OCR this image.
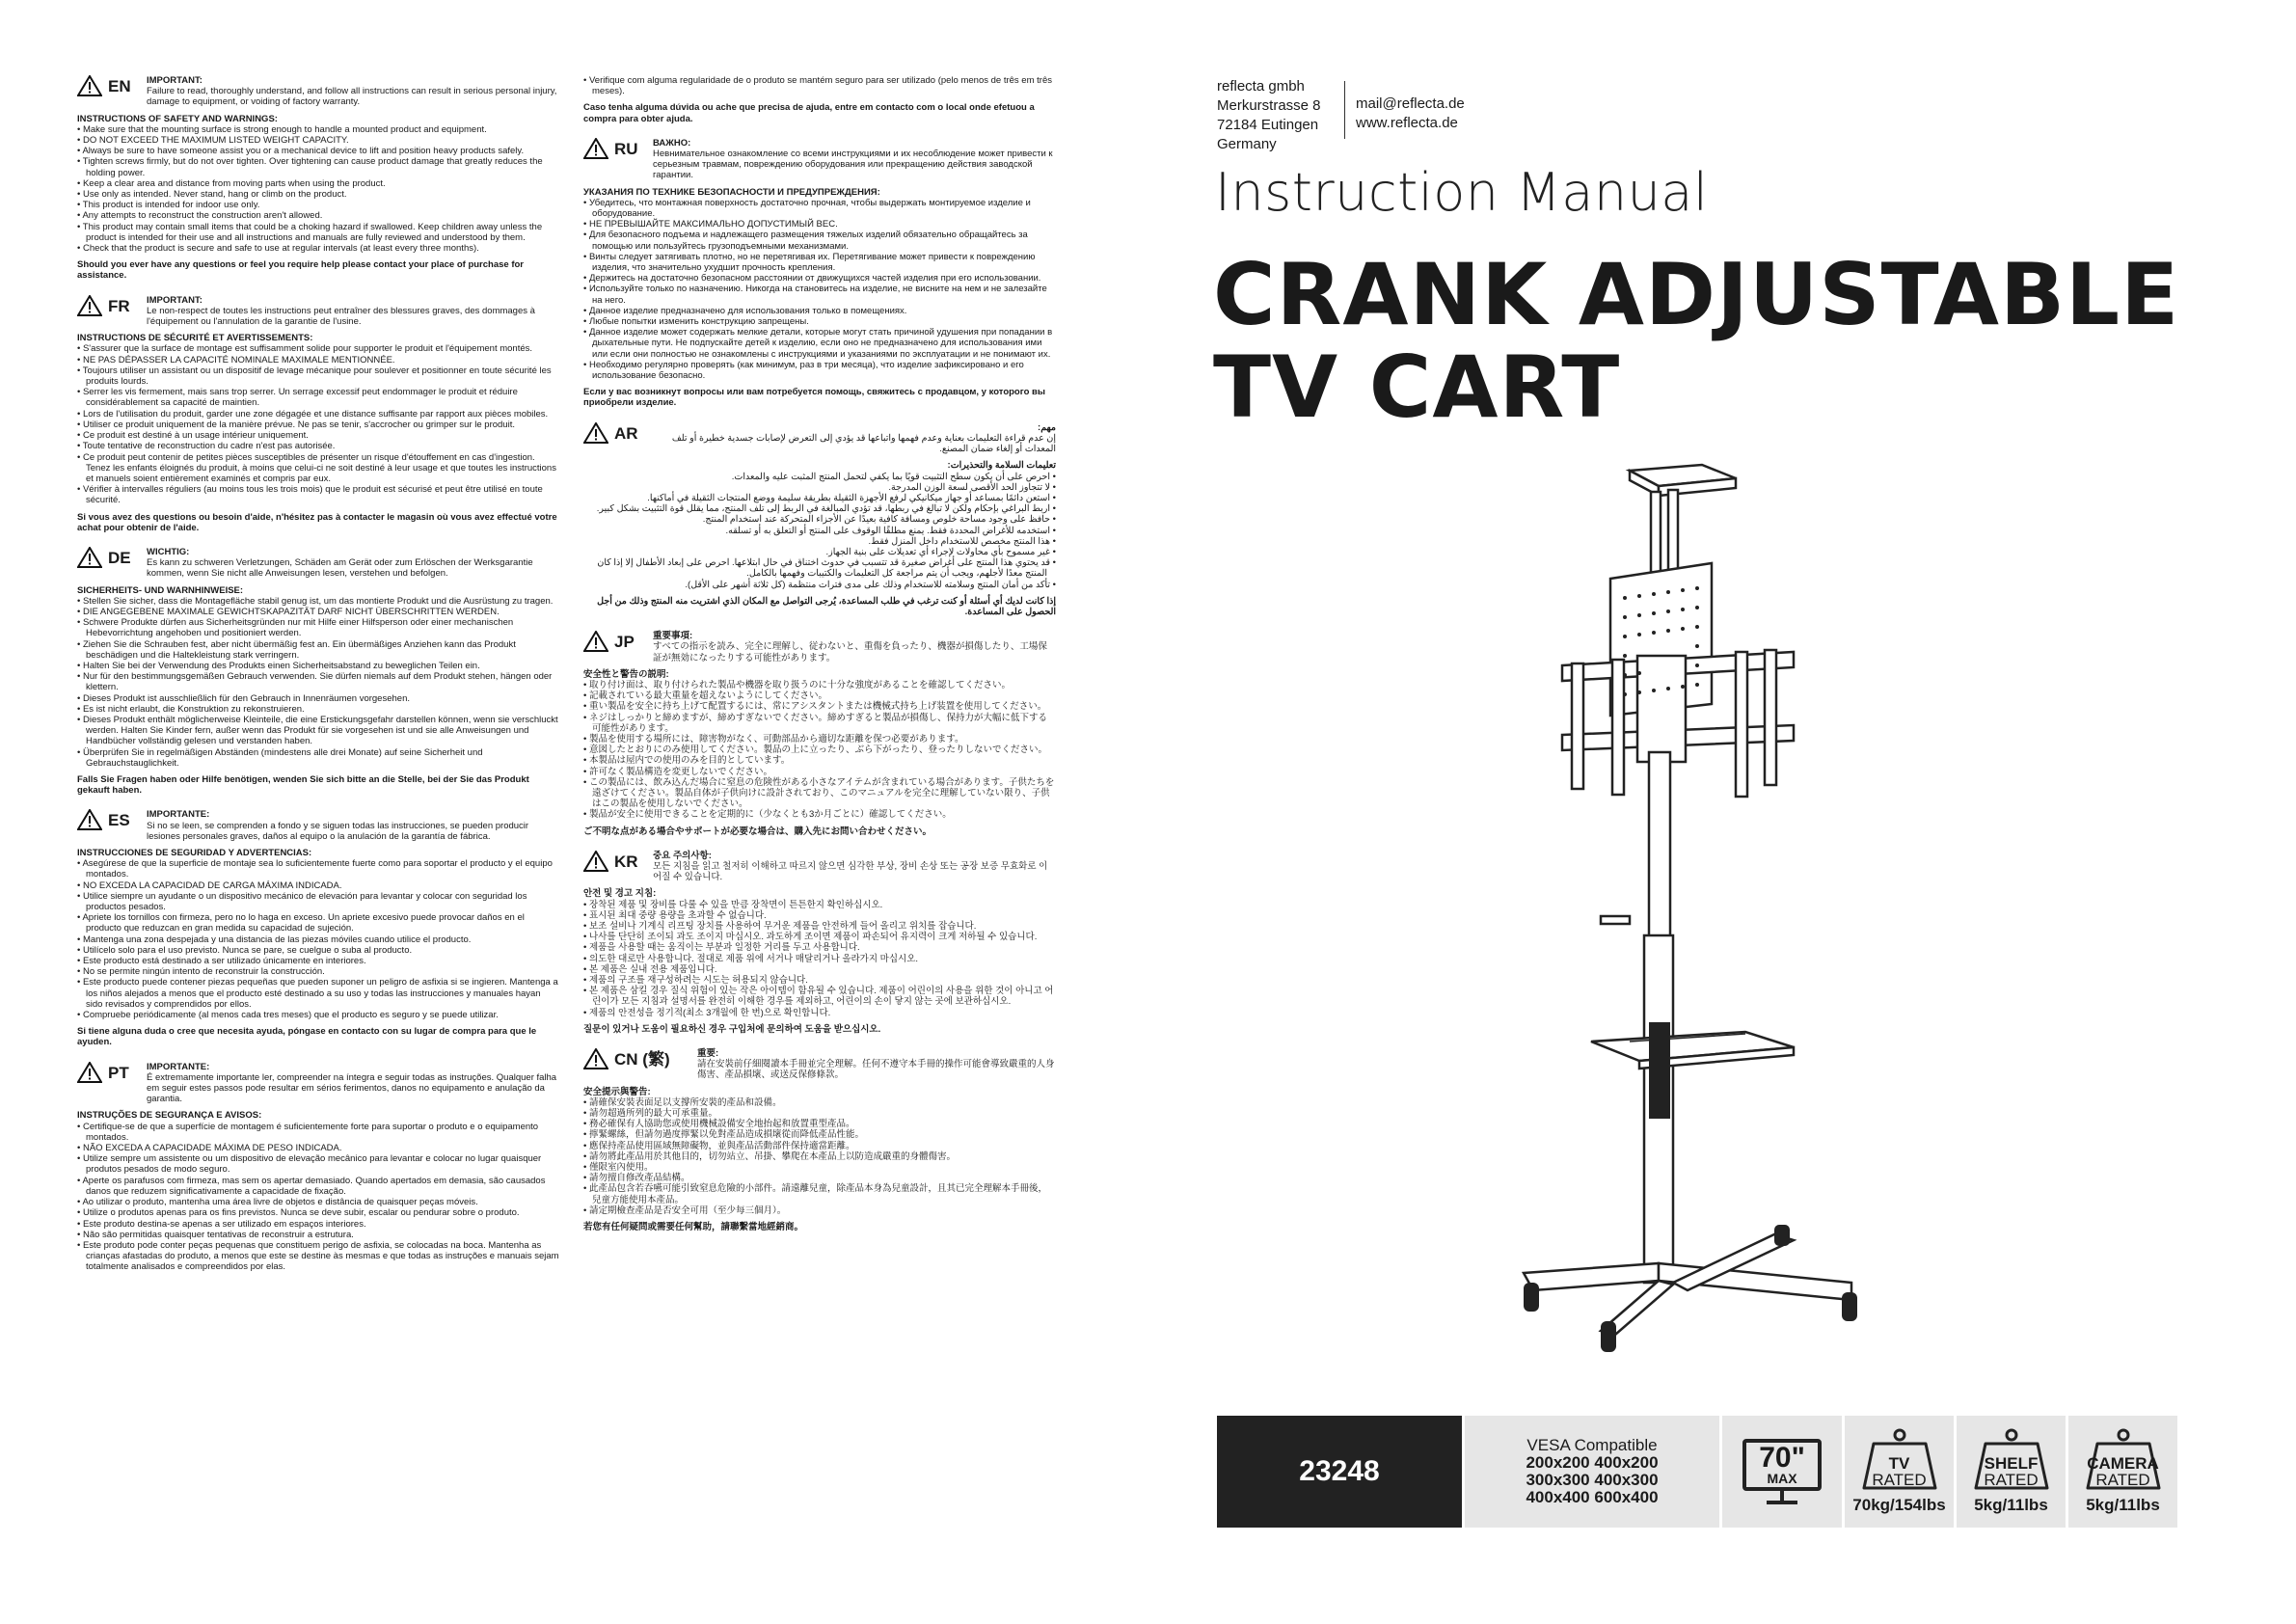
EN	IMPORTANT:
Failure to read, thoroughly understand, and follow all instructions can result in serious personal injury, damage to equipment, or voiding of factory warranty.
INSTRUCTIONS OF SAFETY AND WARNINGS:
• Make sure that the mounting surface is strong enough to handle a mounted product and equipment.
• DO NOT EXCEED THE MAXIMUM LISTED WEIGHT CAPACITY.
• Always be sure to have someone assist you or a mechanical device to lift and position heavy products safely.
• Tighten screws firmly, but do not over tighten. Over tightening can cause product damage that greatly reduces the holding power.
• Keep a clear area and distance from moving parts when using the product.
• Use only as intended. Never stand, hang or climb on the product.
• This product is intended for indoor use only.
• Any attempts to reconstruct the construction aren't allowed.
• This product may contain small items that could be a choking hazard if swallowed. Keep children away unless the product is intended for their use and all instructions and manuals are fully reviewed and understood by them.
• Check that the product is secure and safe to use at regular intervals (at least every three months).
Should you ever have any questions or feel you require help please contact your place of purchase for assistance.
FR	IMPORTANT:
Le non-respect de toutes les instructions peut entraîner des blessures graves, des dommages à l'équipement ou l'annulation de la garantie de l'usine.
INSTRUCTIONS DE SÉCURITÉ ET AVERTISSEMENTS:
• S'assurer que la surface de montage est suffisamment solide pour supporter le produit et l'équipement montés.
• NE PAS DÉPASSER LA CAPACITÉ NOMINALE MAXIMALE MENTIONNÉE.
• Toujours utiliser un assistant ou un dispositif de levage mécanique pour soulever et positionner en toute sécurité les produits lourds.
• Serrer les vis fermement, mais sans trop serrer. Un serrage excessif peut endommager le produit et réduire considérablement sa capacité de maintien.
• Lors de l'utilisation du produit, garder une zone dégagée et une distance suffisante par rapport aux pièces mobiles.
• Utiliser ce produit uniquement de la manière prévue. Ne pas se tenir, s'accrocher ou grimper sur le produit.
• Ce produit est destiné à un usage intérieur uniquement.
• Toute tentative de reconstruction du cadre n'est pas autorisée.
• Ce produit peut contenir de petites pièces susceptibles de présenter un risque d'étouffement en cas d'ingestion. Tenez les enfants éloignés du produit, à moins que celui-ci ne soit destiné à leur usage et que toutes les instructions et manuels soient entièrement examinés et compris par eux.
• Vérifier à intervalles réguliers (au moins tous les trois mois) que le produit est sécurisé et peut être utilisé en toute sécurité.
Si vous avez des questions ou besoin d'aide, n'hésitez pas à contacter le magasin où vous avez effectué votre achat pour obtenir de l'aide.
DE	WICHTIG:
Es kann zu schweren Verletzungen, Schäden am Gerät oder zum Erlöschen der Werksgarantie kommen, wenn Sie nicht alle Anweisungen lesen, verstehen und befolgen.
SICHERHEITS- UND WARNHINWEISE:
• Stellen Sie sicher, dass die Montagefläche stabil genug ist, um das montierte Produkt und die Ausrüstung zu tragen.
• DIE ANGEGEBENE MAXIMALE GEWICHTSKAPAZITÄT DARF NICHT ÜBERSCHRITTEN WERDEN.
• Schwere Produkte dürfen aus Sicherheitsgründen nur mit Hilfe einer Hilfsperson oder einer mechanischen Hebevorrichtung angehoben und positioniert werden.
• Ziehen Sie die Schrauben fest, aber nicht übermäßig fest an. Ein übermäßiges Anziehen kann das Produkt beschädigen und die Haltekleistung stark verringern.
• Halten Sie bei der Verwendung des Produkts einen Sicherheitsabstand zu beweglichen Teilen ein.
• Nur für den bestimmungsgemäßen Gebrauch verwenden. Sie dürfen niemals auf dem Produkt stehen, hängen oder klettern.
• Dieses Produkt ist ausschließlich für den Gebrauch in Innenräumen vorgesehen.
• Es ist nicht erlaubt, die Konstruktion zu rekonstruieren.
• Dieses Produkt enthält möglicherweise Kleinteile, die eine Erstickungsgefahr darstellen können, wenn sie verschluckt werden. Halten Sie Kinder fern, außer wenn das Produkt für sie vorgesehen ist und sie alle Anweisungen und Handbücher vollständig gelesen und verstanden haben.
• Überprüfen Sie in regelmäßigen Abständen (mindestens alle drei Monate) auf seine Sicherheit und Gebrauchstauglichkeit.
Falls Sie Fragen haben oder Hilfe benötigen, wenden Sie sich bitte an die Stelle, bei der Sie das Produkt gekauft haben.
ES	IMPORTANTE:
Si no se leen, se comprenden a fondo y se siguen todas las instrucciones, se pueden producir lesiones personales graves, daños al equipo o la anulación de la garantía de fábrica.
INSTRUCCIONES DE SEGURIDAD Y ADVERTENCIAS:
• Asegúrese de que la superficie de montaje sea lo suficientemente fuerte como para soportar el producto y el equipo montados.
• NO EXCEDA LA CAPACIDAD DE CARGA MÁXIMA INDICADA.
• Utilice siempre un ayudante o un dispositivo mecánico de elevación para levantar y colocar con seguridad los productos pesados.
• Apriete los tornillos con firmeza, pero no lo haga en exceso. Un apriete excesivo puede provocar daños en el producto que reduzcan en gran medida su capacidad de sujeción.
• Mantenga una zona despejada y una distancia de las piezas móviles cuando utilice el producto.
• Utilícelo solo para el uso previsto. Nunca se pare, se cuelgue o suba al producto.
• Este producto está destinado a ser utilizado únicamente en interiores.
• No se permite ningún intento de reconstruir la construcción.
• Este producto puede contener piezas pequeñas que pueden suponer un peligro de asfixia si se ingieren. Mantenga a los niños alejados a menos que el producto esté destinado a su uso y todas las instrucciones y manuales hayan sido revisados y comprendidos por ellos.
• Compruebe periódicamente (al menos cada tres meses) que el producto es seguro y se puede utilizar.
Si tiene alguna duda o cree que necesita ayuda, póngase en contacto con su lugar de compra para que le ayuden.
PT	IMPORTANTE:
É extremamente importante ler, compreender na íntegra e seguir todas as instruções. Qualquer falha em seguir estes passos pode resultar em sérios ferimentos, danos no equipamento e anulação da garantia.
INSTRUÇÕES DE SEGURANÇA E AVISOS:
• Certifique-se de que a superfície de montagem é suficientemente forte para suportar o produto e o equipamento montados.
• NÃO EXCEDA A CAPACIDADE MÁXIMA DE PESO INDICADA.
• Utilize sempre um assistente ou um dispositivo de elevação mecânico para levantar e colocar no lugar quaisquer produtos pesados de modo seguro.
• Aperte os parafusos com firmeza, mas sem os apertar demasiado. Quando apertados em demasia, são causados danos que reduzem significativamente a capacidade de fixação.
• Ao utilizar o produto, mantenha uma área livre de objetos e distância de quaisquer peças móveis.
• Utilize o produtos apenas para os fins previstos. Nunca se deve subir, escalar ou pendurar sobre o produto.
• Este produto destina-se apenas a ser utilizado em espaços interiores.
• Não são permitidas quaisquer tentativas de reconstruir a estrutura.
• Este produto pode conter peças pequenas que constituem perigo de asfixia, se colocadas na boca. Mantenha as crianças afastadas do produto, a menos que este se destine às mesmas e que todas as instruções e manuais sejam totalmente analisados e compreendidos por elas.
• Verifique com alguma regularidade de o produto se mantém seguro para ser utilizado (pelo menos de três em três meses).
Caso tenha alguma dúvida ou ache que precisa de ajuda, entre em contacto com o local onde efetuou a compra para obter ajuda.
RU	ВАЖНО:
Невнимательное ознакомление со всеми инструкциями и их несоблюдение может привести к серьезным травмам, повреждению оборудования или прекращению действия заводской гарантии.
УКАЗАНИЯ ПО ТЕХНИКЕ БЕЗОПАСНОСТИ И ПРЕДУПРЕЖДЕНИЯ:
• Убедитесь, что монтажная поверхность достаточно прочная, чтобы выдержать монтируемое изделие и оборудование.
• НЕ ПРЕВЫШАЙТЕ МАКСИМАЛЬНО ДОПУСТИМЫЙ ВЕС.
• Для безопасного подъема и надлежащего размещения тяжелых изделий обязательно обращайтесь за помощью или пользуйтесь грузоподъемными механизмами.
• Винты следует затягивать плотно, но не перетягивая их. Перетягивание может привести к повреждению изделия, что значительно ухудшит прочность крепления.
• Держитесь на достаточно безопасном расстоянии от движущихся частей изделия при его использовании.
• Используйте только по назначению. Никогда на становитесь на изделие, не висните на нем и не залезайте на него.
• Данное изделие предназначено для использования только в помещениях.
• Любые попытки изменить конструкцию запрещены.
• Данное изделие может содержать мелкие детали, которые могут стать причиной удушения при попадании в дыхательные пути. Не подпускайте детей к изделию, если оно не предназначено для использования ими или если они полностью не ознакомлены с инструкциями и указаниями по эксплуатации и не понимают их.
• Необходимо регулярно проверять (как минимум, раз в три месяца), что изделие зафиксировано и его использование безопасно.
Если у вас возникнут вопросы или вам потребуется помощь, свяжитесь с продавцом, у которого вы приобрели изделие.
AR	مهم:
إن عدم قراءة التعليمات بعناية وعدم فهمها واتباعها قد يؤدي إلى التعرض لإصابات جسدية خطيرة أو تلف المعدات أو إلغاء ضمان المصنع.
تعليمات السلامة والتحذيرات:
• احرص على أن يكون سطح التثبيت قويًا بما يكفي لتحمل المنتج المثبت عليه والمعدات.
• لا تتجاوز الحد الأقصى لسعة الوزن المدرجة.
• استعن دائمًا بمساعد أو جهاز ميكانيكي لرفع الأجهزة الثقيلة بطريقة سليمة ووضع المنتجات الثقيلة في أماكنها.
• اربط البراغي بإحكام ولكن لا تبالغ في ربطها، قد تؤدي المبالغة في الربط إلى تلف المنتج، مما يقلل قوة التثبيت بشكل كبير.
• حافظ على وجود مساحة خلوص ومسافة كافية بعيدًا عن الأجزاء المتحركة عند استخدام المنتج.
• استخدمه للأغراض المحددة فقط. يمنع مطلقًا الوقوف على المنتج أو التعلق به أو تسلقه.
• هذا المنتج مخصص للاستخدام داخل المنزل فقط.
• غير مسموح بأي محاولات لإجراء أي تعديلات على بنية الجهاز.
• قد يحتوي هذا المنتج على أغراض صغيرة قد تتسبب في حدوث اختناق في حال ابتلاعها. احرص على إبعاد الأطفال إلا إذا كان المنتج معدًا لأجلهم، ويجب أن يتم مراجعة كل التعليمات والكتيبات وفهمها بالكامل.
• تأكد من أمان المنتج وسلامته للاستخدام وذلك على مدى فترات منتظمة (كل ثلاثة أشهر على الأقل).
إذا كانت لديك أي أسئلة أو كنت ترغب في طلب المساعدة، يُرجى التواصل مع المكان الذي اشتريت منه المنتج وذلك من أجل الحصول على المساعدة.
JP	重要事項:
すべての指示を読み、完全に理解し、従わないと、重傷を負ったり、機器が損傷したり、工場保証が無効になったりする可能性があります。
安全性と警告の説明:
• 取り付け面は、取り付けられた製品や機器を取り扱うのに十分な強度があることを確認してください。
• 記載されている最大重量を超えないようにしてください。
• 重い製品を安全に持ち上げて配置するには、常にアシスタントまたは機械式持ち上げ装置を使用してください。
• ネジはしっかりと締めますが、締めすぎないでください。締めすぎると製品が損傷し、保持力が大幅に低下する可能性があります。
• 製品を使用する場所には、障害物がなく、可動部品から適切な距離を保つ必要があります。
• 意図したとおりにのみ使用してください。製品の上に立ったり、ぶら下がったり、登ったりしないでください。
• 本製品は屋内での使用のみを目的としています。
• 許可なく製品構造を変更しないでください。
• この製品には、飲み込んだ場合に窒息の危険性がある小さなアイテムが含まれている場合があります。子供たちを遠ざけてください。製品自体が子供向けに設計されており、このマニュアルを完全に理解していない限り、子供はこの製品を使用しないでください。
• 製品が安全に使用できることを定期的に（少なくとも3か月ごとに）確認してください。
ご不明な点がある場合やサポートが必要な場合は、購入先にお問い合わせください。
KR	중요 주의사항:
모든 지침을 읽고 철저히 이해하고 따르지 않으면 심각한 부상, 장비 손상 또는 공장 보증 무효화로 이어질 수 있습니다.
안전 및 경고 지침:
• 장착된 제품 및 장비를 다룰 수 있을 만큼 장착면이 튼튼한지 확인하십시오.
• 표시된 최대 중량 용량을 초과할 수 없습니다.
• 보조 설비나 기계식 리프팅 장치를 사용하여 무거운 제품을 안전하게 들어 올리고 위치를 잡습니다.
• 나사를 단단히 조이되 과도 조이지 마십시오. 과도하게 조이면 제품이 파손되어 유지력이 크게 저하될 수 있습니다.
• 제품을 사용할 때는 움직이는 부분과 일정한 거리를 두고 사용합니다.
• 의도한 대로만 사용합니다. 절대로 제품 위에 서거나 매달리거나 올라가지 마십시오.
• 본 제품은 실내 전용 제품입니다.
• 제품의 구조를 재구성하려는 시도는 허용되지 않습니다.
• 본 제품은 삼킬 경우 질식 위험이 있는 작은 아이템이 함유될 수 있습니다. 제품이 어린이의 사용을 위한 것이 아니고 어린이가 모든 지침과 설명서를 완전히 이해한 경우를 제외하고, 어린이의 손이 닿지 않는 곳에 보관하십시오.
• 제품의 안전성을 정기적(최소 3개월에 한 번)으로 확인합니다.
질문이 있거나 도움이 필요하신 경우 구입처에 문의하여 도움을 받으십시오.
CN (繁)	重要:
請在安裝前仔細閱讀本手冊並完全理解。任何不遵守本手冊的操作可能會導致嚴重的人身傷害、產品損壞、或送反保修條款。
安全提示與警告:
• 請確保安裝表面足以支撐所安裝的產品和設備。
• 請勿超過所列的最大可承重量。
• 務必確保有人協助您或使用機械設備安全地抬起和放置重型產品。
• 擰緊螺絲，但請勿過度擰緊以免對產品造成損壞從而降低產品性能。
• 應保持產品使用區域無障礙物，並與產品活動部件保持適當距離。
• 請勿將此產品用於其他目的，切勿站立、吊掛、攀爬在本產品上以防造成嚴重的身體傷害。
• 僅限室內使用。
• 請勿擅自修改產品結構。
• 此產品包含若吞嚥可能引致窒息危險的小部件。請遠離兒童，除產品本身為兒童設計，且其已完全理解本手冊後，兒童方能使用本產品。
• 請定期檢查產品是否安全可用（至少每三個月）。
若您有任何疑問或需要任何幫助，請聯繫當地經銷商。
reflecta gmbh
Merkurstrasse 8
72184 Eutingen
Germany
mail@reflecta.de
www.reflecta.de
Instruction Manual
CRANK ADJUSTABLE
TV CART
23248
VESA Compatible
200x200 400x200
300x300 400x300
400x400 600x400
70"
MAX
TV
RATED
70kg/154lbs
SHELF
RATED
5kg/11lbs
CAMERA
RATED
5kg/11lbs
